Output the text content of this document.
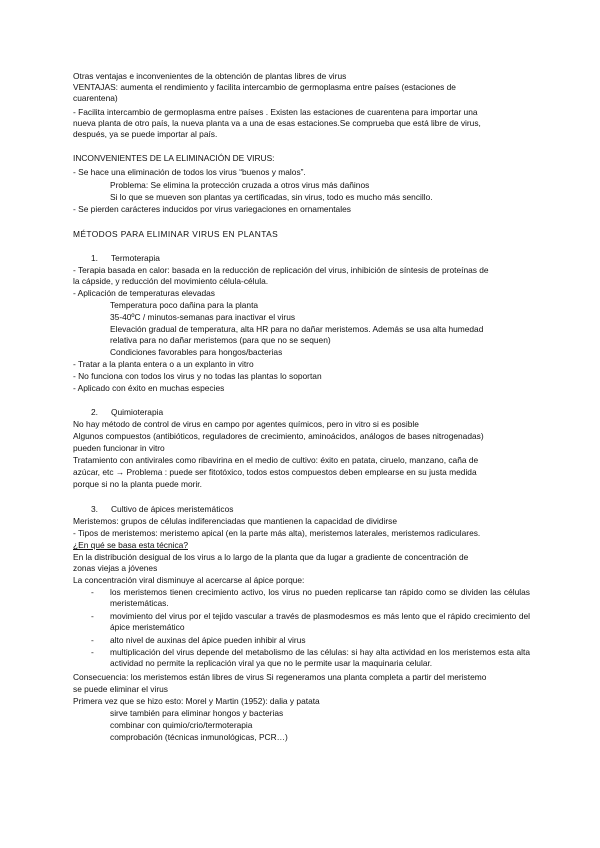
Otras ventajas e inconvenientes de la obtención de plantas libres de virus
VENTAJAS: aumenta el rendimiento y facilita intercambio de germoplasma entre países (estaciones de
cuarentena)
- Facilita intercambio de germoplasma entre países . Existen las estaciones de cuarentena para importar una
nueva planta de otro país, la nueva planta va a una de esas estaciones.Se comprueba que está libre de virus,
después, ya se puede importar al país.
INCONVENIENTES DE LA ELIMINACIÓN DE VIRUS:
- Se hace una eliminación de todos los virus “buenos y malos”.
Problema: Se elimina la protección cruzada a otros virus más dañinos
Si lo que se mueven son plantas ya certificadas, sin virus, todo es mucho más sencillo.
- Se pierden carácteres inducidos por virus variegaciones en ornamentales
MÉTODOS PARA ELIMINAR VIRUS EN PLANTAS
1. Termoterapia
- Terapia basada en calor: basada en la reducción de replicación del virus, inhibición de síntesis de proteínas de
la cápside, y reducción del movimiento célula-célula.
- Aplicación de temperaturas elevadas
Temperatura poco dañina para la planta
35-40ºC / minutos-semanas para inactivar el virus
Elevación gradual de temperatura, alta HR para no dañar meristemos. Además se usa alta humedad
relativa para no dañar meristemos (para que no se sequen)
Condiciones favorables para hongos/bacterias
- Tratar a la planta entera o a un explanto in vitro
- No funciona con todos los virus y no todas las plantas lo soportan
- Aplicado con éxito en muchas especies
2. Quimioterapia
No hay método de control de virus en campo por agentes químicos, pero in vitro si es posible
Algunos compuestos (antibióticos, reguladores de crecimiento, aminoácidos, análogos de bases nitrogenadas)
pueden funcionar in vitro
Tratamiento con antivirales como ribavirina en el medio de cultivo: éxito en patata, ciruelo, manzano, caña de
azúcar, etc → Problema : puede ser fitotóxico, todos estos compuestos deben emplearse en su justa medida
porque si no la planta puede morir.
3. Cultivo de ápices meristemáticos
Meristemos: grupos de células indiferenciadas que mantienen la capacidad de dividirse
- Tipos de meristemos: meristemo apical (en la parte más alta), meristemos laterales, meristemos radiculares.
¿En qué se basa esta técnica?
En la distribución desigual de los virus a lo largo de la planta que da lugar a gradiente de concentración de
zonas viejas a jóvenes
La concentración viral disminuye al acercarse al ápice porque:
- los meristemos tienen crecimiento activo, los virus no pueden replicarse tan rápido como se dividen las células meristemáticas.
- movimiento del virus por el tejido vascular a través de plasmodesmos es más lento que el rápido crecimiento del ápice meristemático
- alto nivel de auxinas del ápice pueden inhibir al virus
- multiplicación del virus depende del metabolismo de las células: si hay alta actividad en los meristemos esta alta actividad no permite la replicación viral ya que no le permite usar la maquinaria celular.
Consecuencia: los meristemos están libres de virus Si regeneramos una planta completa a partir del meristemo
se puede eliminar el virus
Primera vez que se hizo esto: Morel y Martin (1952): dalia y patata
sirve también para eliminar hongos y bacterias
combinar con quimio/crio/termoterapia
comprobación (técnicas inmunológicas, PCR…)
